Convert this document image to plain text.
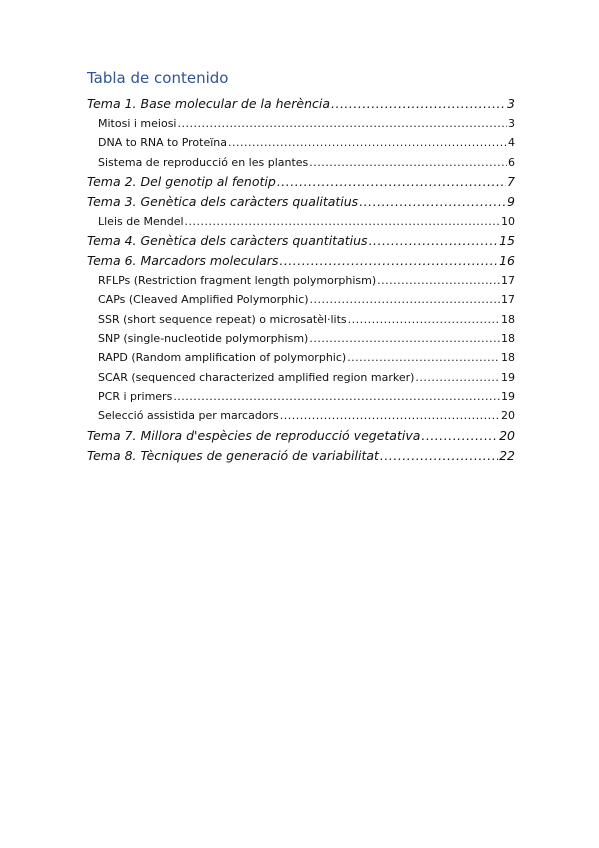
Tabla de contenido
Tema 1. Base molecular de la herència .....	3
Mitosi i meiosi .....	3
DNA to RNA to Proteïna .....	4
Sistema de reproducció en les plantes .....	6
Tema 2. Del genotip al fenotip .....	7
Tema 3. Genètica dels caràcters qualitatius .....	9
Lleis de Mendel .....	10
Tema 4. Genètica dels caràcters quantitatius .....	15
Tema 6. Marcadors moleculars .....	16
RFLPs (Restriction fragment length polymorphism) .....	17
CAPs (Cleaved Amplified Polymorphic) .....	17
SSR (short sequence repeat) o microsatèl·lits .....	18
SNP (single-nucleotide polymorphism) .....	18
RAPD (Random amplification of polymorphic) .....	18
SCAR (sequenced characterized amplified region marker) .....	19
PCR i primers .....	19
Selecció assistida per marcadors .....	20
Tema 7. Millora d'espècies de reproducció vegetativa .....	20
Tema 8. Tècniques de generació de variabilitat .....	22
